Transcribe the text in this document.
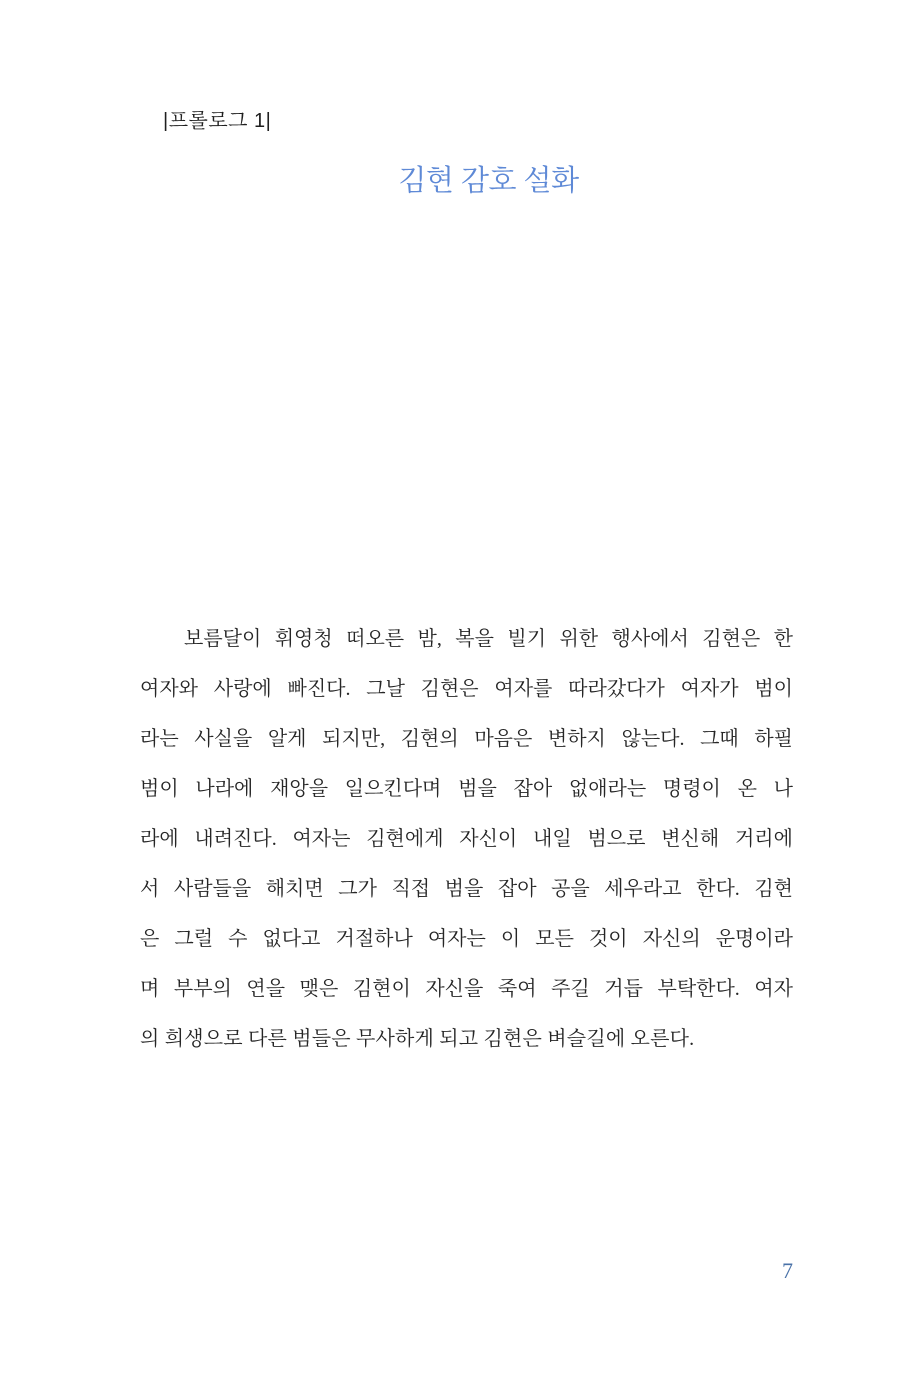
|프롤로그 1|
김현 감호 설화
보름달이 휘영청 떠오른 밤, 복을 빌기 위한 행사에서 김현은 한
여자와 사랑에 빠진다. 그날 김현은 여자를 따라갔다가 여자가 범이
라는 사실을 알게 되지만, 김현의 마음은 변하지 않는다. 그때 하필
범이 나라에 재앙을 일으킨다며 범을 잡아 없애라는 명령이 온 나
라에 내려진다. 여자는 김현에게 자신이 내일 범으로 변신해 거리에
서 사람들을 해치면 그가 직접 범을 잡아 공을 세우라고 한다. 김현
은 그럴 수 없다고 거절하나 여자는 이 모든 것이 자신의 운명이라
며 부부의 연을 맺은 김현이 자신을 죽여 주길 거듭 부탁한다. 여자
의 희생으로 다른 범들은 무사하게 되고 김현은 벼슬길에 오른다.
7
